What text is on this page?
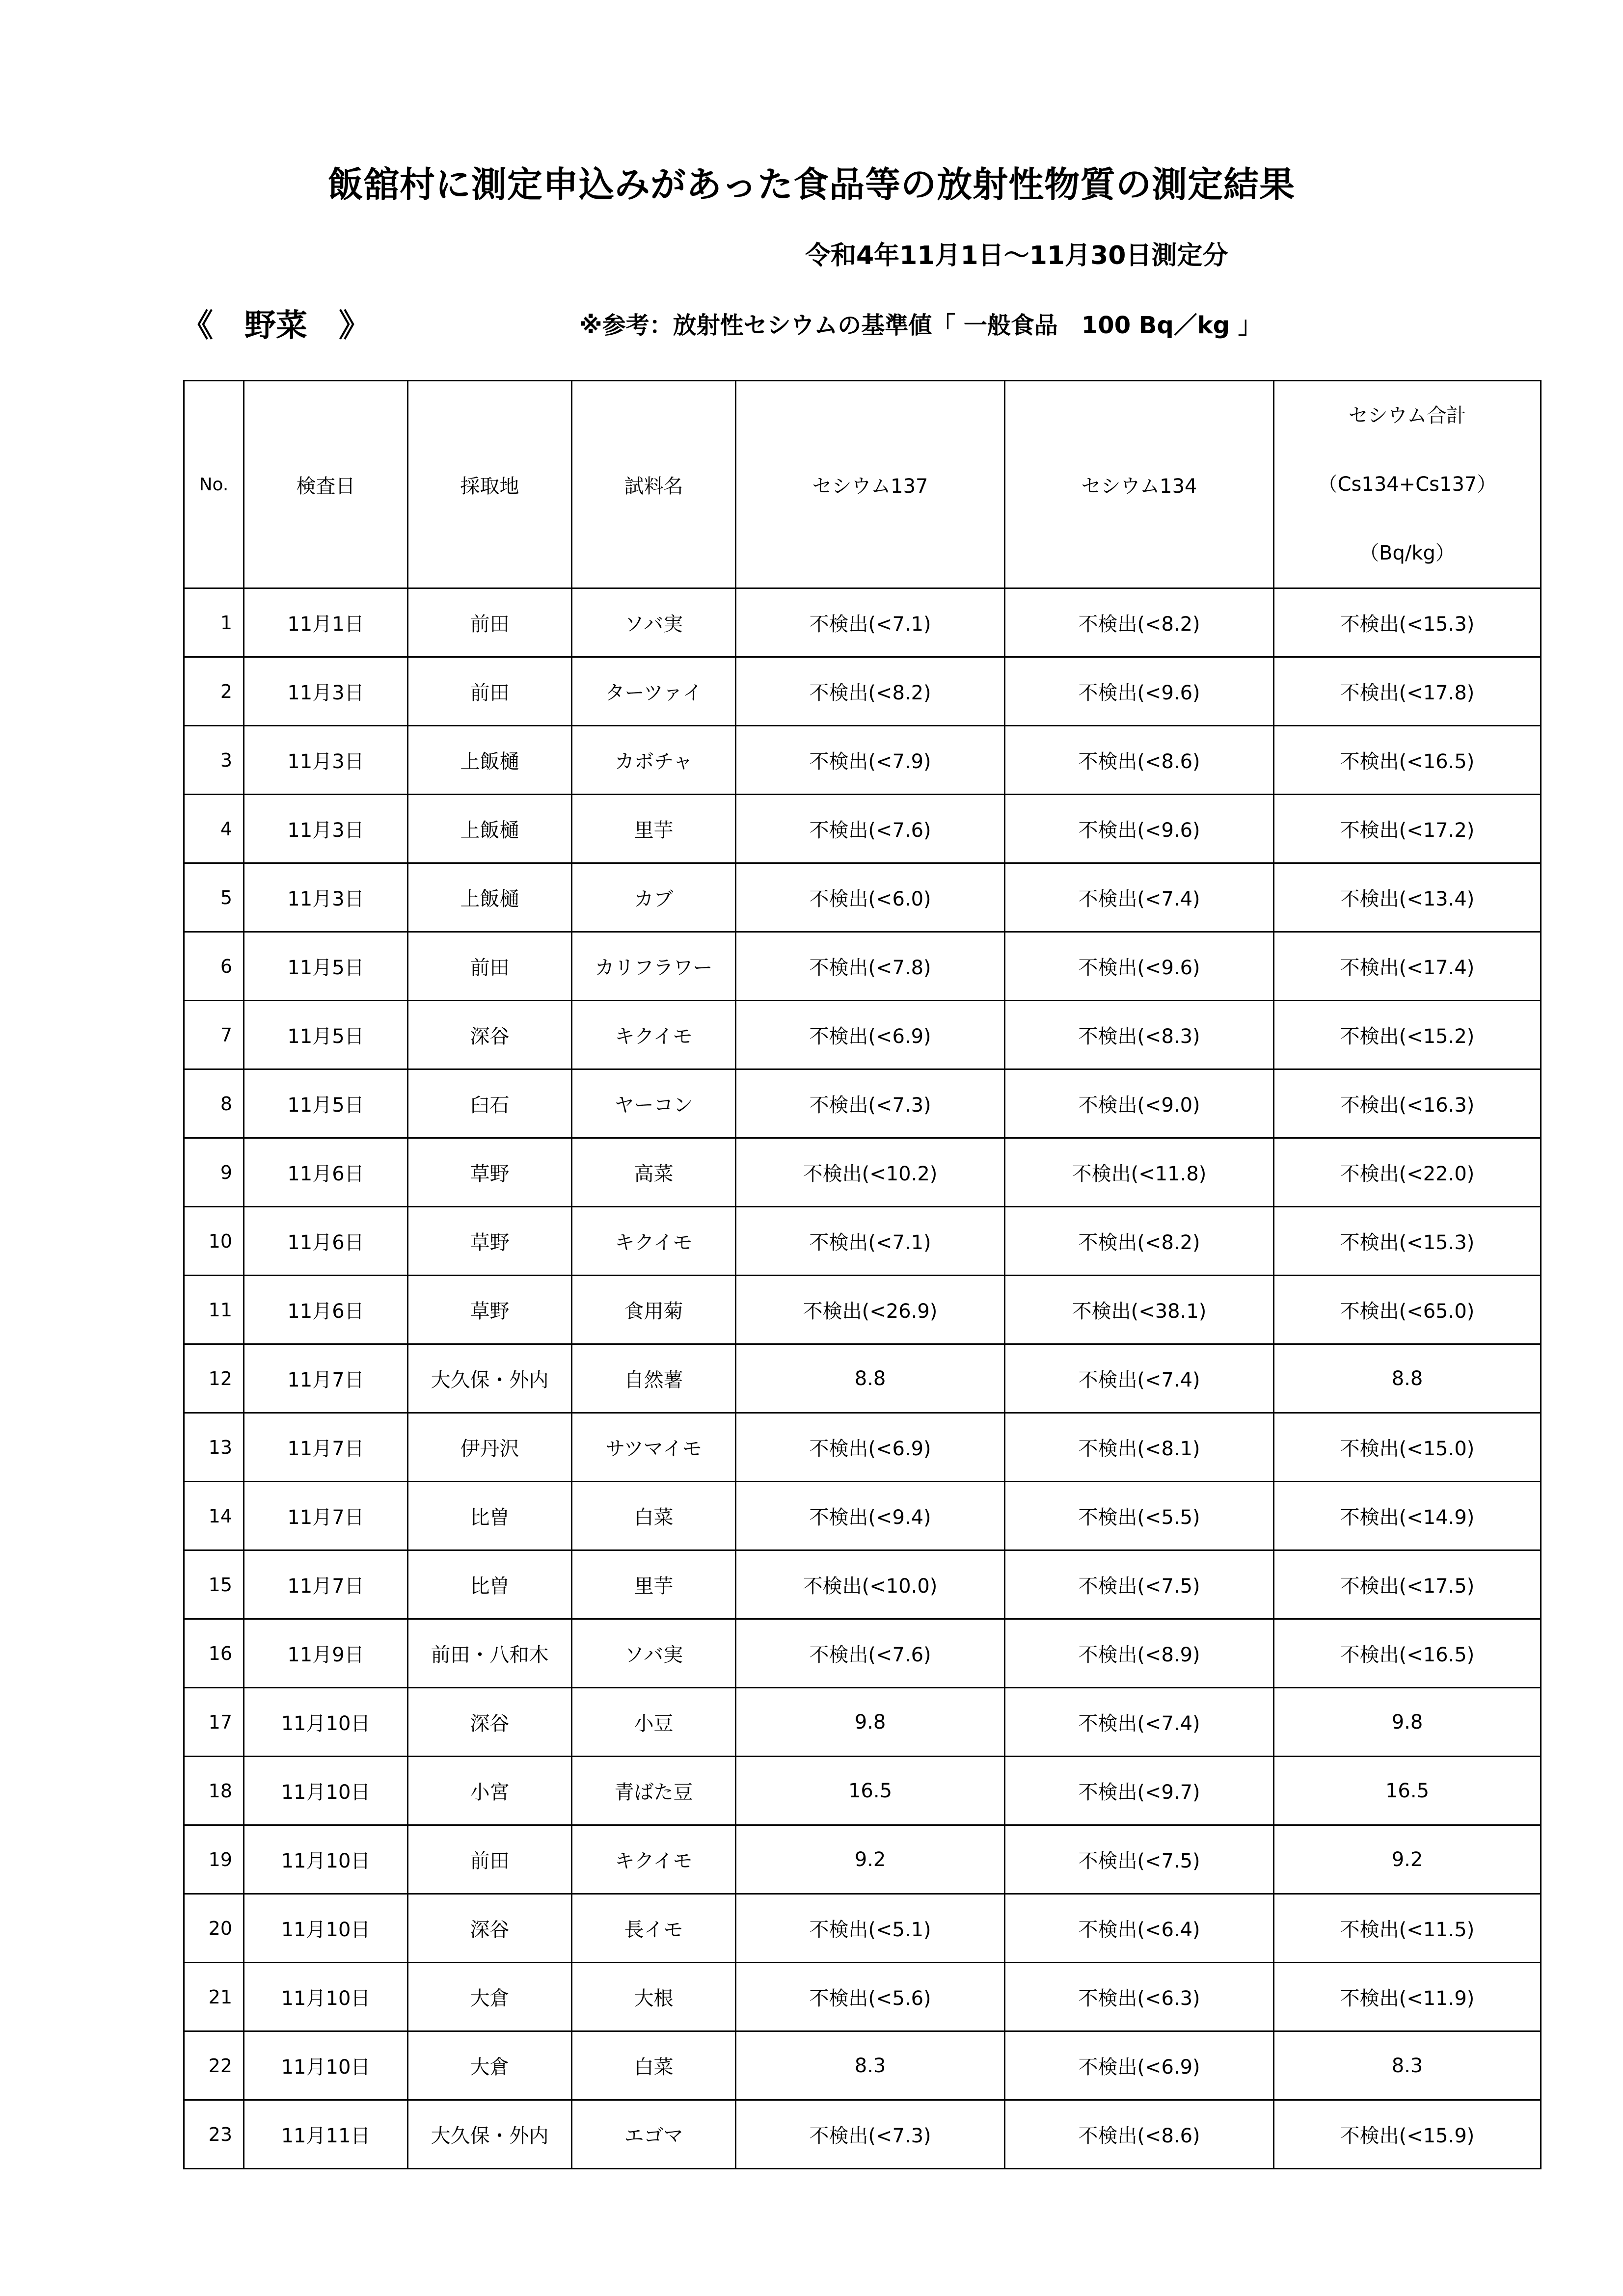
飯舘村に測定申込みがあった食品等の放射性物質の測定結果
令和4年11月1日～11月30日測定分
《　野菜　》	※参考：放射性セシウムの基準値「 一般食品　100 Bq／kg 」
No.	検査日	採取地	試料名	セシウム137	セシウム134	セシウム合計
（Cs134+Cs137）
（Bq/kg）

1	11月1日	前田	ソバ実	不検出(<7.1)	不検出(<8.2)	不検出(<15.3)
2	11月3日	前田	ターツァイ	不検出(<8.2)	不検出(<9.6)	不検出(<17.8)
3	11月3日	上飯樋	カボチャ	不検出(<7.9)	不検出(<8.6)	不検出(<16.5)
4	11月3日	上飯樋	里芋	不検出(<7.6)	不検出(<9.6)	不検出(<17.2)
5	11月3日	上飯樋	カブ	不検出(<6.0)	不検出(<7.4)	不検出(<13.4)
6	11月5日	前田	カリフラワー	不検出(<7.8)	不検出(<9.6)	不検出(<17.4)
7	11月5日	深谷	キクイモ	不検出(<6.9)	不検出(<8.3)	不検出(<15.2)
8	11月5日	臼石	ヤーコン	不検出(<7.3)	不検出(<9.0)	不検出(<16.3)
9	11月6日	草野	高菜	不検出(<10.2)	不検出(<11.8)	不検出(<22.0)
10	11月6日	草野	キクイモ	不検出(<7.1)	不検出(<8.2)	不検出(<15.3)
11	11月6日	草野	食用菊	不検出(<26.9)	不検出(<38.1)	不検出(<65.0)
12	11月7日	大久保・外内	自然薯	8.8	不検出(<7.4)	8.8
13	11月7日	伊丹沢	サツマイモ	不検出(<6.9)	不検出(<8.1)	不検出(<15.0)
14	11月7日	比曽	白菜	不検出(<9.4)	不検出(<5.5)	不検出(<14.9)
15	11月7日	比曽	里芋	不検出(<10.0)	不検出(<7.5)	不検出(<17.5)
16	11月9日	前田・八和木	ソバ実	不検出(<7.6)	不検出(<8.9)	不検出(<16.5)
17	11月10日	深谷	小豆	9.8	不検出(<7.4)	9.8
18	11月10日	小宮	青ばた豆	16.5	不検出(<9.7)	16.5
19	11月10日	前田	キクイモ	9.2	不検出(<7.5)	9.2
20	11月10日	深谷	長イモ	不検出(<5.1)	不検出(<6.4)	不検出(<11.5)
21	11月10日	大倉	大根	不検出(<5.6)	不検出(<6.3)	不検出(<11.9)
22	11月10日	大倉	白菜	8.3	不検出(<6.9)	8.3
23	11月11日	大久保・外内	エゴマ	不検出(<7.3)	不検出(<8.6)	不検出(<15.9)
